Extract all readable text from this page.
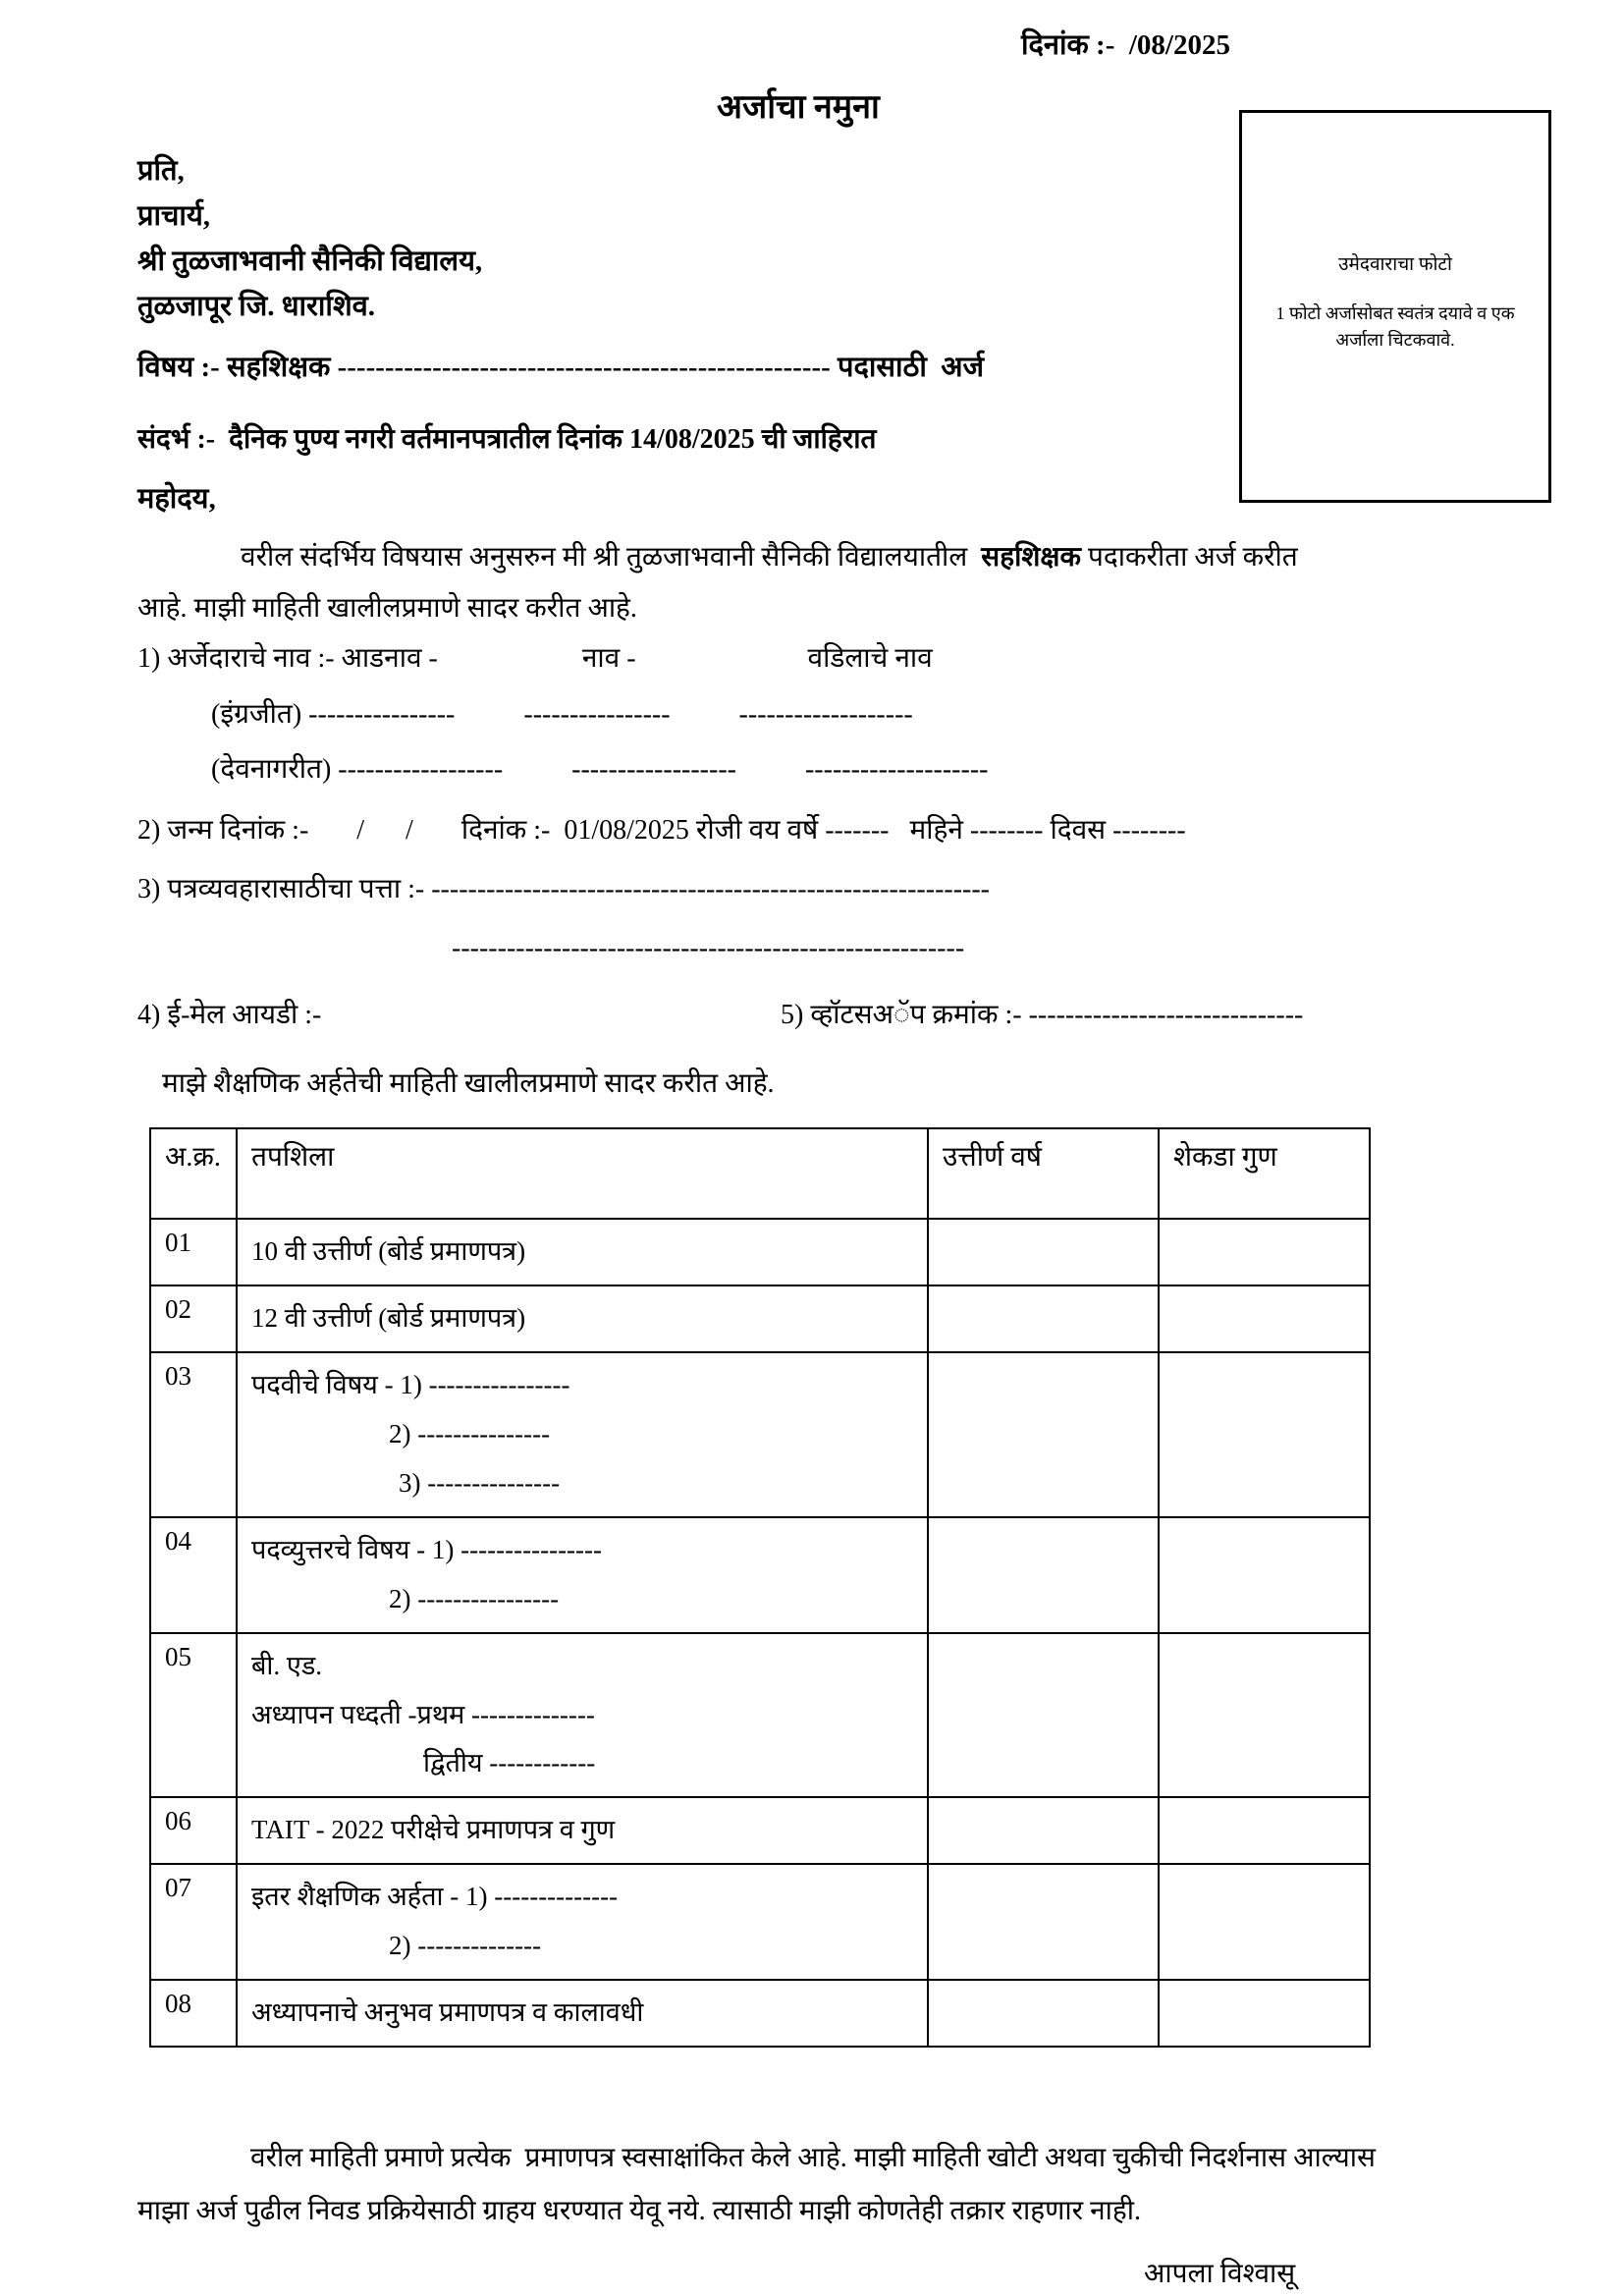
दिनांक :-  /08/2025
अर्जाचा नमुना
उमेदवाराचा फोटो
1 फोटो अर्जासोबत स्वतंत्र दयावे व एक अर्जाला चिटकवावे.
प्रति,
प्राचार्य,
श्री तुळजाभवानी सैनिकी विद्यालय,
तुळजापूर जि. धाराशिव.
विषय :- सहशिक्षक ---------------------------------------------------- पदासाठी  अर्ज
संदर्भ :-  दैनिक पुण्य नगरी वर्तमानपत्रातील दिनांक 14/08/2025 ची जाहिरात
महोदय,
वरील संदर्भिय विषयास अनुसरुन मी श्री तुळजाभवानी सैनिकी विद्यालयातील  सहशिक्षक पदाकरीता अर्ज करीत
आहे. माझी माहिती खालीलप्रमाणे सादर करीत आहे.
1) अर्जेदाराचे नाव :- आडनाव -                     नाव -                         वडिलाचे नाव
(इंग्रजीत) ----------------          ----------------          -------------------
(देवनागरीत) ------------------          ------------------          --------------------
2) जन्म दिनांक :-       /      /       दिनांक :-  01/08/2025 रोजी वय वर्षे -------   महिने -------- दिवस --------
3) पत्रव्यवहारासाठीचा पत्ता :- -------------------------------------------------------------
--------------------------------------------------------
4) ई-मेल आयडी :-	5) व्हॉटसअॅप क्रमांक :- ------------------------------
माझे शैक्षणिक अर्हतेची माहिती खालीलप्रमाणे सादर करीत आहे.
अ.क्र.	तपशिला	उत्तीर्ण वर्ष	शेकडा गुण
01	10 वी उत्तीर्ण (बोर्ड प्रमाणपत्र)		

02	12 वी उत्तीर्ण (बोर्ड प्रमाणपत्र)		

03	पदवीचे विषय - 1) ----------------
2) ---------------
3) ---------------		

04	पदव्युत्तरचे विषय - 1) ----------------
2) ----------------		

05	बी. एड.
अध्यापन पध्दती -प्रथम --------------
द्वितीय ------------		

06	TAIT - 2022 परीक्षेचे प्रमाणपत्र व गुण		

07	इतर शैक्षणिक अर्हता - 1) --------------
2) --------------		

08	अध्यापनाचे अनुभव प्रमाणपत्र व कालावधी		

वरील माहिती प्रमाणे प्रत्येक  प्रमाणपत्र स्वसाक्षांकित केले आहे. माझी माहिती खोटी अथवा चुकीची निदर्शनास आल्यास
माझा अर्ज पुढील निवड प्रक्रियेसाठी ग्राहय धरण्यात येवू नये. त्यासाठी माझी कोणतेही तक्रार राहणार नाही.
आपला विश्वासू
